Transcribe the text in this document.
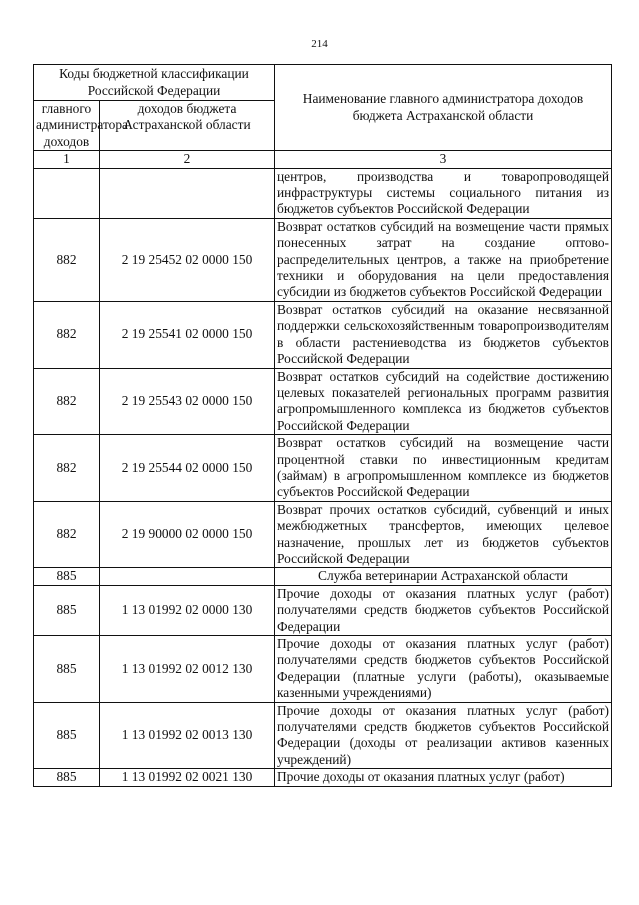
214
Коды бюджетной классификации Российской Федерации		Наименование главного администратора доходов бюджета Астраханской области
главного администратора доходов	доходов бюджета Астраханской области	
1	2	3
		центров, производства и товаропроводящей инфраструктуры системы социального питания из бюджетов субъектов Российской Федерации
882	2 19 25452 02 0000 150	Возврат остатков субсидий на возмещение части прямых понесенных затрат на создание оптово-распределительных центров, а также на приобретение техники и оборудования на цели предоставления субсидии из бюджетов субъектов Российской Федерации
882	2 19 25541 02 0000 150	Возврат остатков субсидий на оказание несвязанной поддержки сельскохозяйственным товаропроизводителям в области растениеводства из бюджетов субъектов Российской Федерации
882	2 19 25543 02 0000 150	Возврат остатков субсидий на содействие достижению целевых показателей региональных программ развития агропромышленного комплекса из бюджетов субъектов Российской Федерации
882	2 19 25544 02 0000 150	Возврат остатков субсидий на возмещение части процентной ставки по инвестиционным кредитам (займам) в агропромышленном комплексе из бюджетов субъектов Российской Федерации
882	2 19 90000 02 0000 150	Возврат прочих остатков субсидий, субвенций и иных межбюджетных трансфертов, имеющих целевое назначение, прошлых лет из бюджетов субъектов Российской Федерации
885		Служба ветеринарии Астраханской области
885	1 13 01992 02 0000 130	Прочие доходы от оказания платных услуг (работ) получателями средств бюджетов субъектов Российской Федерации
885	1 13 01992 02 0012 130	Прочие доходы от оказания платных услуг (работ) получателями средств бюджетов субъектов Российской Федерации (платные услуги (работы), оказываемые казенными учреждениями)
885	1 13 01992 02 0013 130	Прочие доходы от оказания платных услуг (работ) получателями средств бюджетов субъектов Российской Федерации (доходы от реализации активов казенных учреждений)
885	1 13 01992 02 0021 130	Прочие доходы от оказания платных услуг (работ)
